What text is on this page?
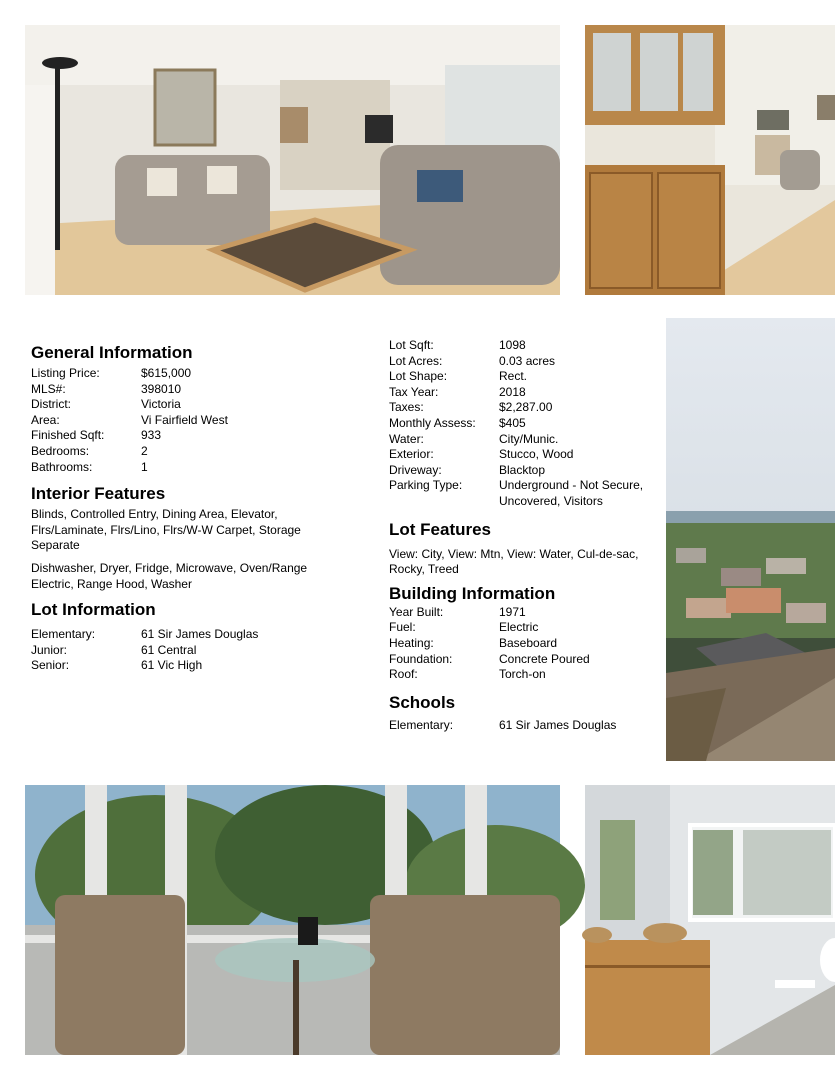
General Information
Listing Price:	$615,000
MLS#:	398010
District:	Victoria
Area:	Vi Fairfield West
Finished Sqft:	933
Bedrooms:	2
Bathrooms:	1
Interior Features

Blinds, Controlled Entry, Dining Area, Elevator, Flrs/Laminate, Flrs/Lino, Flrs/W-W Carpet, Storage Separate

Dishwasher, Dryer, Fridge, Microwave, Oven/Range Electric, Range Hood, Washer

Lot Information
Elementary:	61 Sir James Douglas
Junior:	61 Central
Senior:	61 Vic High
Lot Sqft:	1098
Lot Acres:	0.03 acres
Lot Shape:	Rect.
Tax Year:	2018
Taxes:	$2,287.00
Monthly Assess:	$405
Water:	City/Munic.
Exterior:	Stucco, Wood
Driveway:	Blacktop
Parking Type:	Underground - Not Secure, Uncovered, Visitors
Lot Features

View: City, View: Mtn, View: Water, Cul-de-sac, Rocky, Treed

Building Information
Year Built:	1971
Fuel:	Electric
Heating:	Baseboard
Foundation:	Concrete Poured
Roof:	Torch-on
Schools
Elementary:	61 Sir James Douglas
